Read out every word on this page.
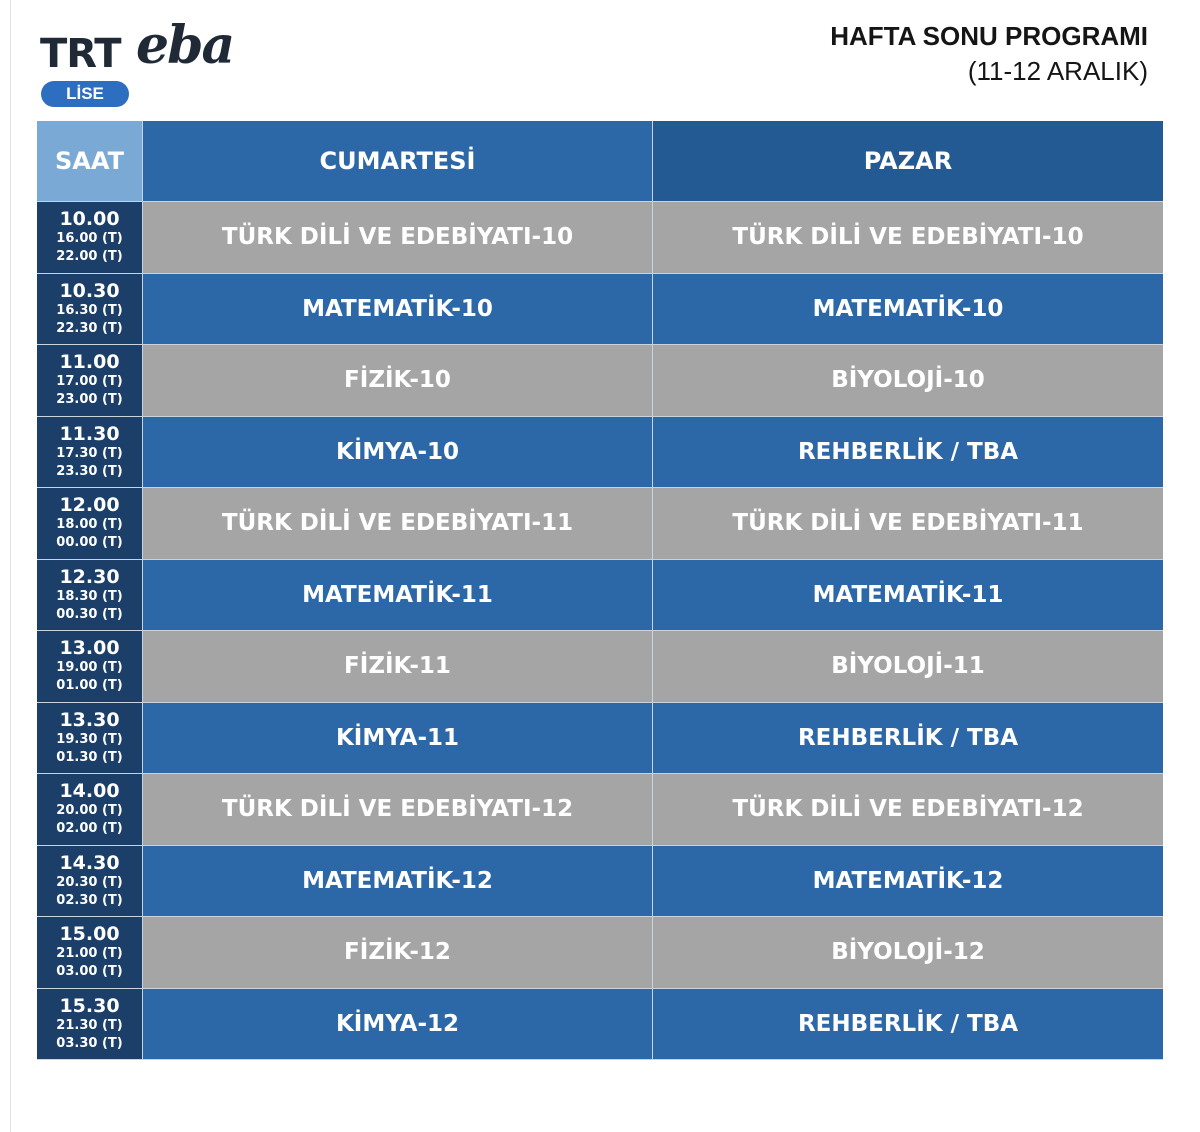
TRT eba
LİSE
HAFTA SONU PROGRAMI
(11-12 ARALIK)
SAAT	CUMARTESİ	PAZAR
10.00
16.00 (T)
22.00 (T)
TÜRK DİLİ VE EDEBİYATI-10	TÜRK DİLİ VE EDEBİYATI-10
10.30
16.30 (T)
22.30 (T)
MATEMATİK-10	MATEMATİK-10
11.00
17.00 (T)
23.00 (T)
FİZİK-10	BİYOLOJİ-10
11.30
17.30 (T)
23.30 (T)
KİMYA-10	REHBERLİK / TBA
12.00
18.00 (T)
00.00 (T)
TÜRK DİLİ VE EDEBİYATI-11	TÜRK DİLİ VE EDEBİYATI-11
12.30
18.30 (T)
00.30 (T)
MATEMATİK-11	MATEMATİK-11
13.00
19.00 (T)
01.00 (T)
FİZİK-11	BİYOLOJİ-11
13.30
19.30 (T)
01.30 (T)
KİMYA-11	REHBERLİK / TBA
14.00
20.00 (T)
02.00 (T)
TÜRK DİLİ VE EDEBİYATI-12	TÜRK DİLİ VE EDEBİYATI-12
14.30
20.30 (T)
02.30 (T)
MATEMATİK-12	MATEMATİK-12
15.00
21.00 (T)
03.00 (T)
FİZİK-12	BİYOLOJİ-12
15.30
21.30 (T)
03.30 (T)
KİMYA-12	REHBERLİK / TBA
